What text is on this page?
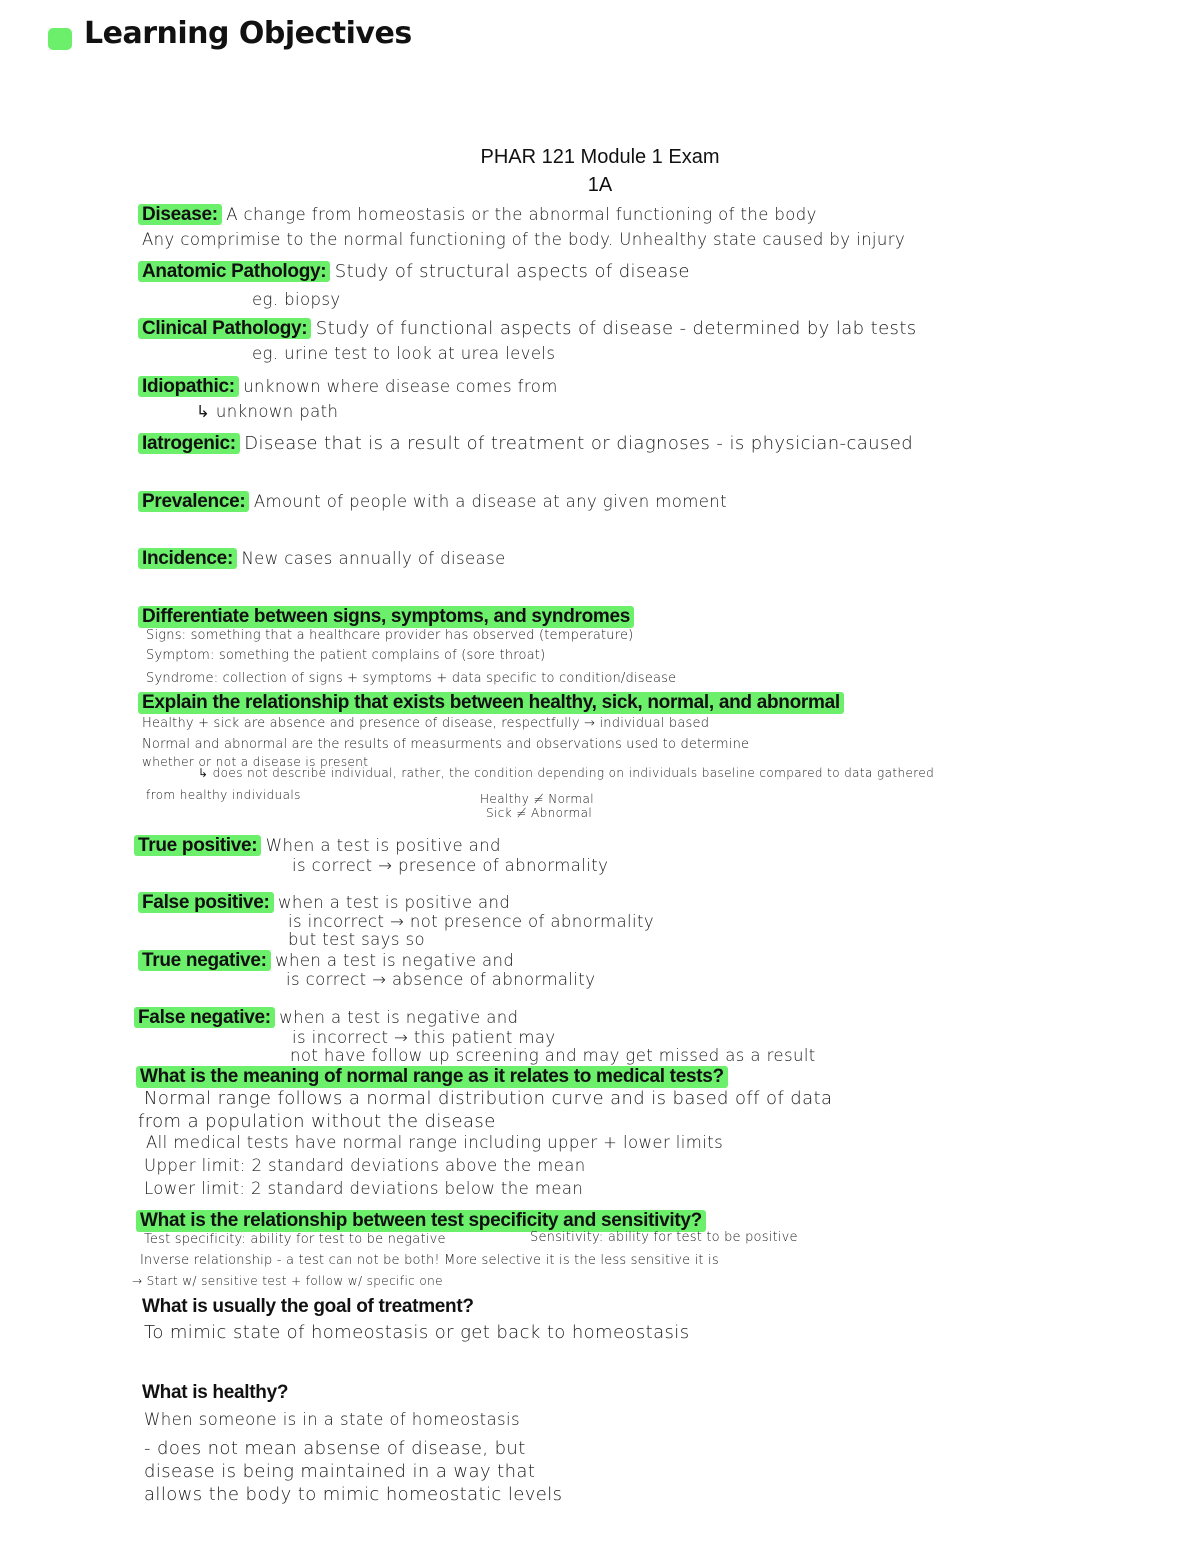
Learning Objectives
PHAR 121 Module 1 Exam
1A
Disease: A change from homeostasis or the abnormal functioning of the body
Any comprimise to the normal functioning of the body. Unhealthy state caused by injury
Anatomic Pathology: Study of structural aspects of disease
eg. biopsy
Clinical Pathology: Study of functional aspects of disease - determined by lab tests
eg. urine test to look at urea levels
Idiopathic: unknown where disease comes from
↳ unknown path
Iatrogenic: Disease that is a result of treatment or diagnoses - is physician-caused
Prevalence: Amount of people with a disease at any given moment
Incidence: New cases annually of disease
Differentiate between signs, symptoms, and syndromes
Signs: something that a healthcare provider has observed (temperature)
Symptom: something the patient complains of (sore throat)
Syndrome: collection of signs + symptoms + data specific to condition/disease
Explain the relationship that exists between healthy, sick, normal, and abnormal
Healthy + sick are absence and presence of disease, respectfully → individual based
Normal and abnormal are the results of measurments and observations used to determine
whether or not a disease is present
↳ does not describe individual, rather, the condition depending on individuals baseline compared to data gathered
from healthy individuals	Healthy ≠ Normal
Sick ≠ Abnormal
True positive: When a test is positive and
is correct → presence of abnormality
False positive: when a test is positive and
is incorrect → not presence of abnormality
but test says so
True negative: when a test is negative and
is correct → absence of abnormality
False negative: when a test is negative and
is incorrect → this patient may
not have follow up screening and may get missed as a result
What is the meaning of normal range as it relates to medical tests?
Normal range follows a normal distribution curve and is based off of data
from a population without the disease
All medical tests have normal range including upper + lower limits
Upper limit: 2 standard deviations above the mean
Lower limit: 2 standard deviations below the mean
What is the relationship between test specificity and sensitivity?
Test specificity: ability for test to be negative	Sensitivity: ability for test to be positive
Inverse relationship - a test can not be both! More selective it is the less sensitive it is
→ Start w/ sensitive test + follow w/ specific one
What is usually the goal of treatment?
To mimic state of homeostasis or get back to homeostasis
What is healthy?
When someone is in a state of homeostasis
- does not mean absense of disease, but
disease is being maintained in a way that
allows the body to mimic homeostatic levels
